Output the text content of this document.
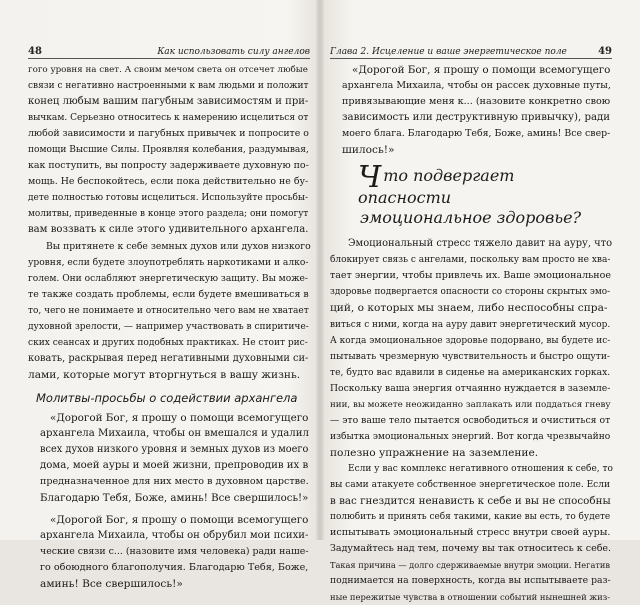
48	Как использовать силу ангелов
гого уровня на свет. А своим мечом света он отсечет любые
связи с негативно настроенными к вам людьми и положит
конец любым вашим пагубным зависимостям и при-
вычкам. Серьезно относитесь к намерению исцелиться от
любой зависимости и пагубных привычек и попросите о
помощи Высшие Силы. Проявляя колебания, раздумывая,
как поступить, вы попросту задерживаете духовную по-
мощь. Не беспокойтесь, если пока действительно не бу-
дете полностью готовы исцелиться. Используйте просьбы-
молитвы, приведенные в конце этого раздела; они помогут
вам воззвать к силе этого удивительного архангела.
Вы притянете к себе земных духов или духов низкого
уровня, если будете злоупотреблять наркотиками и алко-
голем. Они ослабляют энергетическую защиту. Вы може-
те также создать проблемы, если будете вмешиваться в
то, чего не понимаете и относительно чего вам не хватает
духовной зрелости, — например участвовать в спиритиче-
ских сеансах и других подобных практиках. Не стоит рис-
ковать, раскрывая перед негативными духовными си-
лами, которые могут вторгнуться в вашу жизнь.
Молитвы-просьбы о содействии архангела
«Дорогой Бог, я прошу о помощи всемогущего
архангела Михаила, чтобы он вмешался и удалил
всех духов низкого уровня и земных духов из моего
дома, моей ауры и моей жизни, препроводив их в
предназначенное для них место в духовном царстве.
Благодарю Тебя, Боже, аминь! Все свершилось!»
«Дорогой Бог, я прошу о помощи всемогущего
архангела Михаила, чтобы он обрубил мои психи-
ческие связи с... (назовите имя человека) ради наше-
го обоюдного благополучия. Благодарю Тебя, Боже,
аминь! Все свершилось!»
Глава 2. Исцеление и ваше энергетическое поле	49
«Дорогой Бог, я прошу о помощи всемогущего
архангела Михаила, чтобы он рассек духовные путы,
привязывающие меня к... (назовите конкретно свою
зависимость или деструктивную привычку), ради
моего блага. Благодарю Тебя, Боже, аминь! Все свер-
шилось!»
Что подвергает опасности
эмоциональное здоровье?
Эмоциональный стресс тяжело давит на ауру, что
блокирует связь с ангелами, поскольку вам просто не хва-
тает энергии, чтобы привлечь их. Ваше эмоциональное
здоровье подвергается опасности со стороны скрытых эмо-
ций, о которых мы знаем, либо неспособны спра-
виться с ними, когда на ауру давит энергетический мусор.
А когда эмоциональное здоровье подорвано, вы будете ис-
пытывать чрезмерную чувствительность и быстро ощути-
те, будто вас вдавили в сиденье на американских горках.
Поскольку ваша энергия отчаянно нуждается в заземле-
нии, вы можете неожиданно заплакать или поддаться гневу
— это ваше тело пытается освободиться и очиститься от
избытка эмоциональных энергий. Вот когда чрезвычайно
полезно упражнение на заземление.
Если у вас комплекс негативного отношения к себе, то
вы сами атакуете собственное энергетическое поле. Если
в вас гнездится ненависть к себе и вы не способны
полюбить и принять себя такими, какие вы есть, то будете
испытывать эмоциональный стресс внутри своей ауры.
Задумайтесь над тем, почему вы так относитесь к себе.
Такая причина — долго сдерживаемые внутри эмоции. Негатив
поднимается на поверхность, когда вы испытываете раз-
ные пережитые чувства в отношении событий нынешней жиз-
